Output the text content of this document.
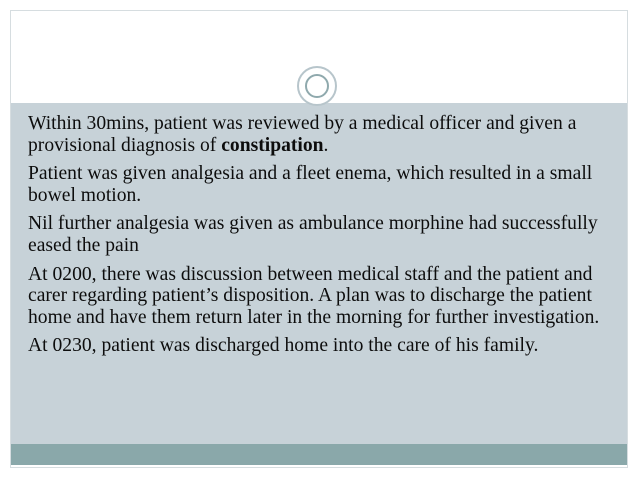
Within 30mins, patient was reviewed by a medical officer and given a provisional diagnosis of constipation.

Patient was given analgesia and a fleet enema, which resulted in a small bowel motion.

Nil further analgesia was given as ambulance morphine had successfully eased the pain

At 0200, there was discussion between medical staff and the patient and carer regarding patient’s disposition. A plan was to discharge the patient home and have them return later in the morning for further investigation.

At 0230, patient was discharged home into the care of his family.
